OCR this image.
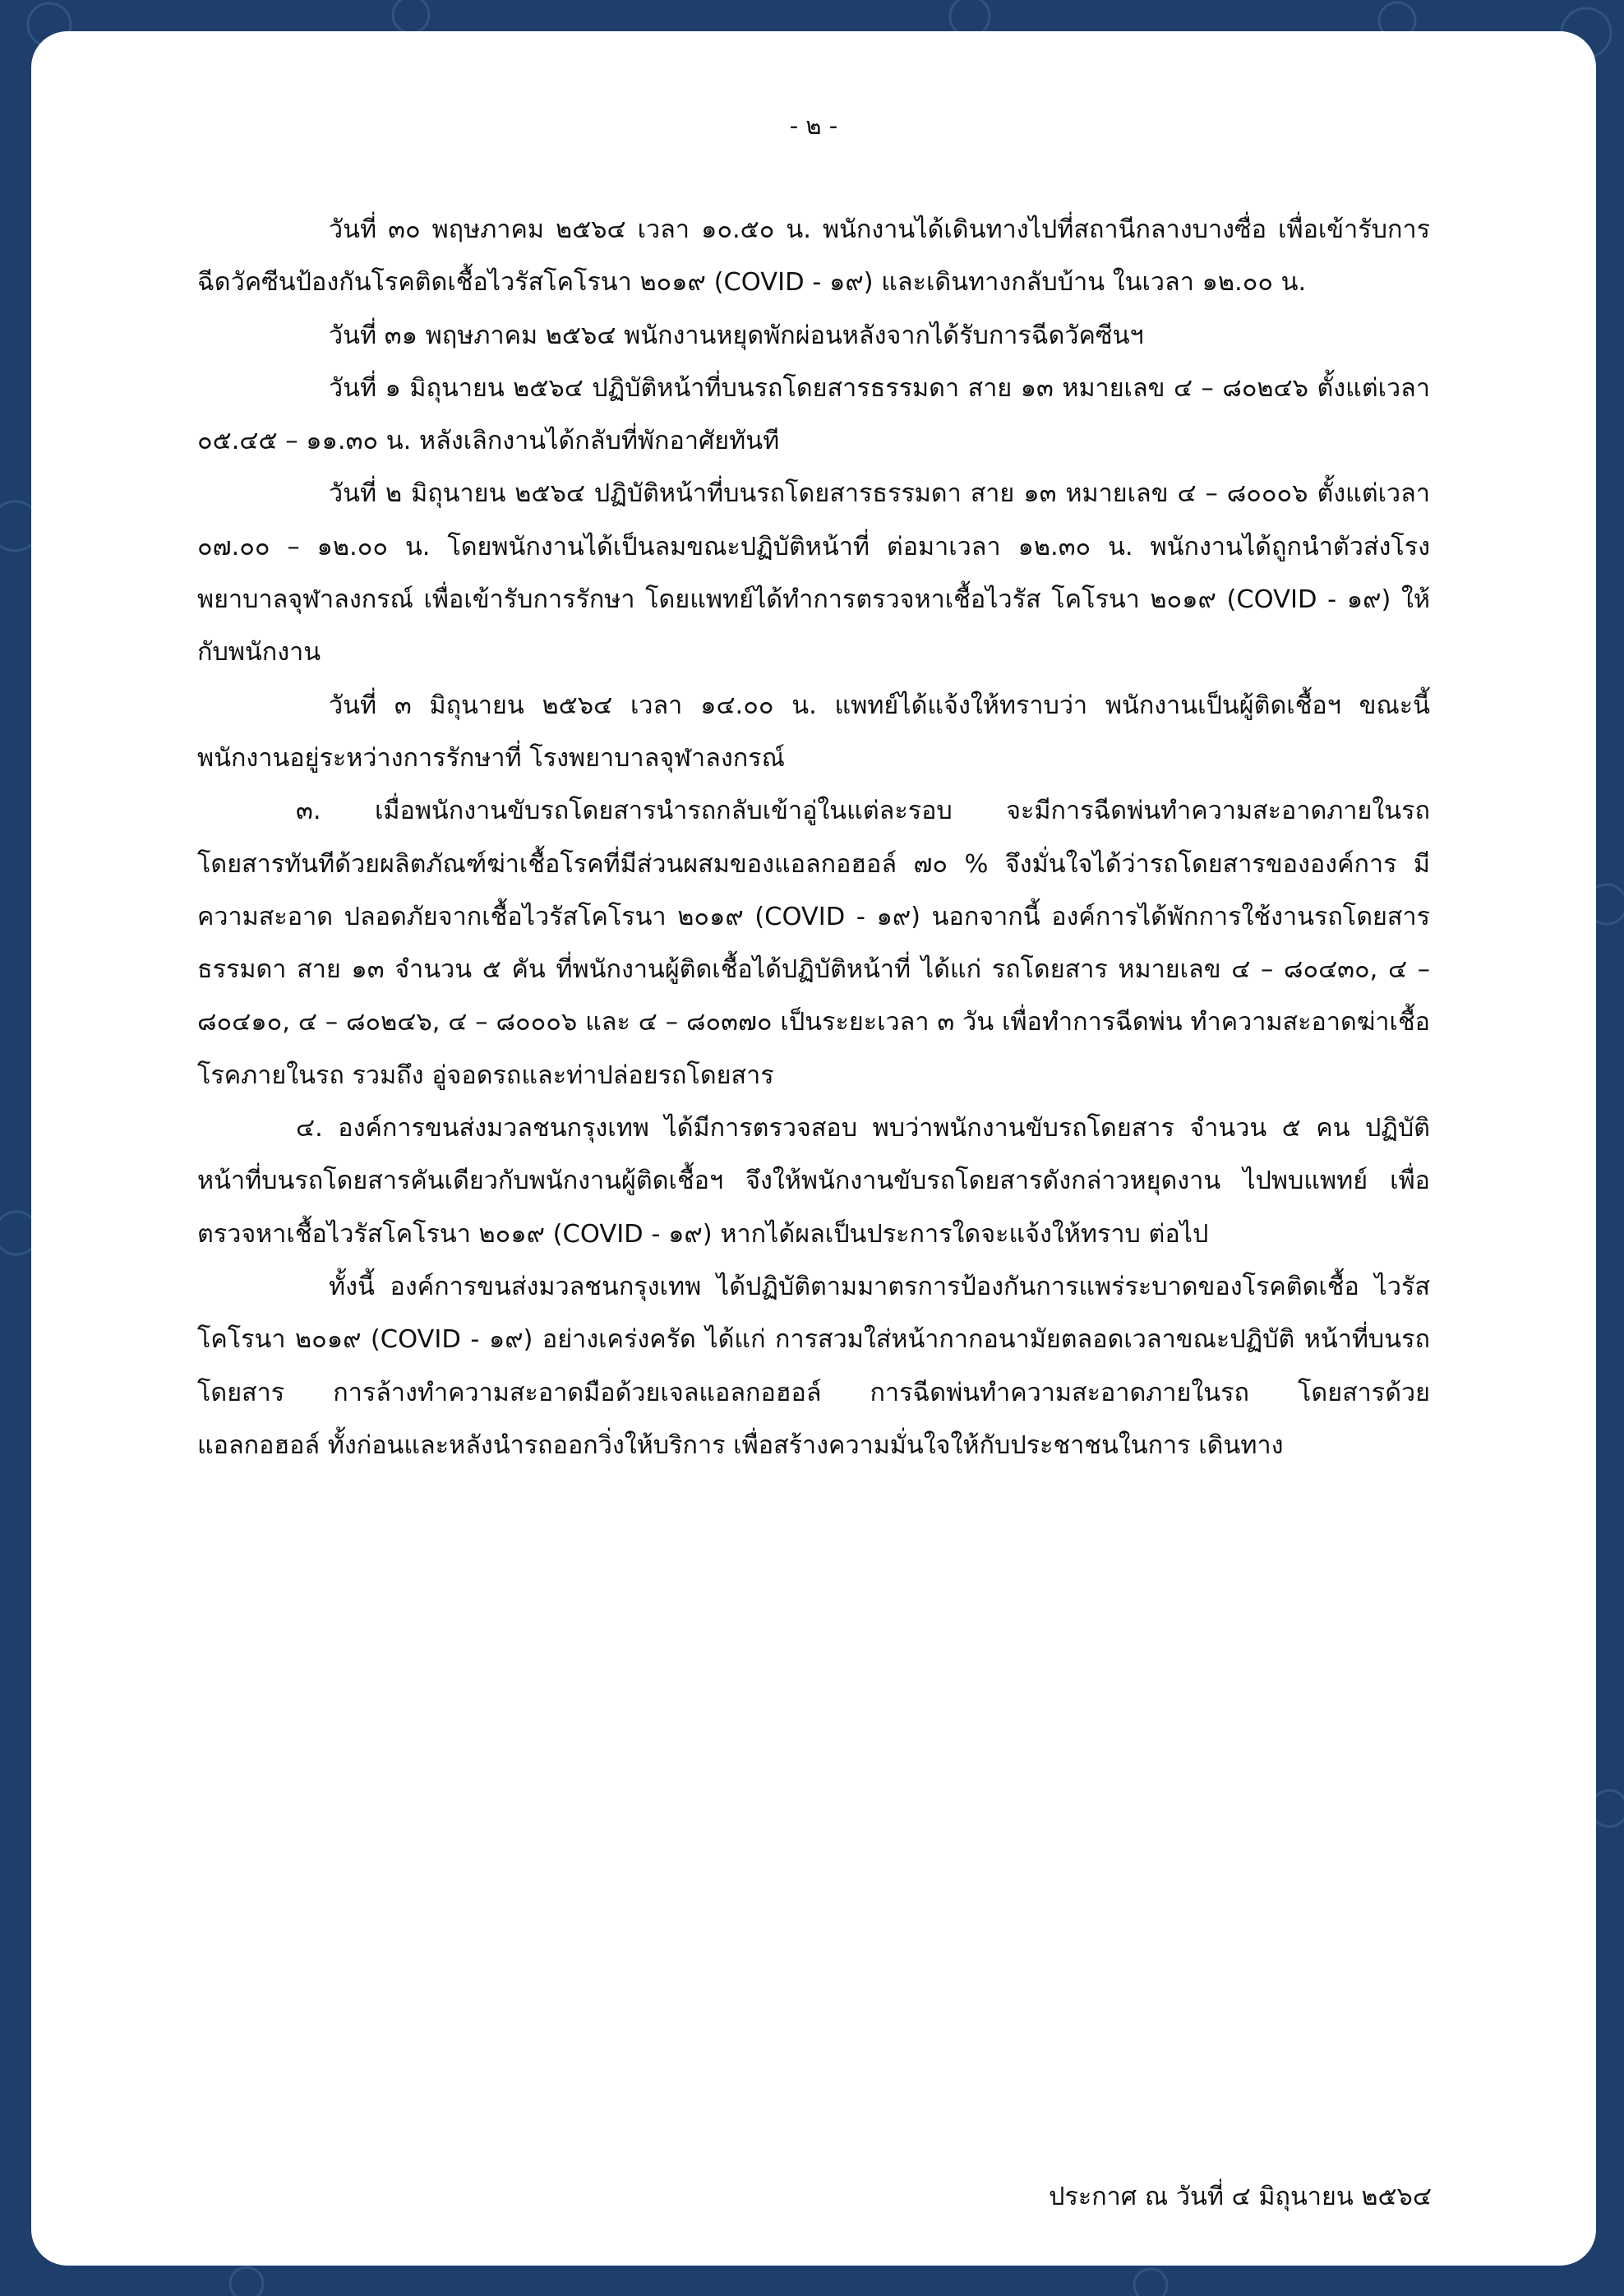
- ๒ -

วันที่ ๓๐ พฤษภาคม ๒๕๖๔ เวลา ๑๐.๕๐ น. พนักงานได้เดินทางไปที่สถานีกลางบางซื่อ เพื่อเข้ารับการฉีดวัคซีนป้องกันโรคติดเชื้อไวรัสโคโรนา ๒๐๑๙ (COVID - ๑๙) และเดินทางกลับบ้าน ในเวลา ๑๒.๐๐ น.

วันที่ ๓๑ พฤษภาคม ๒๕๖๔ พนักงานหยุดพักผ่อนหลังจากได้รับการฉีดวัคซีนฯ

วันที่ ๑ มิถุนายน ๒๕๖๔ ปฏิบัติหน้าที่บนรถโดยสารธรรมดา สาย ๑๓ หมายเลข ๔ – ๘๐๒๔๖ ตั้งแต่เวลา ๐๕.๔๕ – ๑๑.๓๐ น. หลังเลิกงานได้กลับที่พักอาศัยทันที

วันที่ ๒ มิถุนายน ๒๕๖๔ ปฏิบัติหน้าที่บนรถโดยสารธรรมดา สาย ๑๓ หมายเลข ๔ – ๘๐๐๐๖ ตั้งแต่เวลา ๐๗.๐๐ – ๑๒.๐๐ น. โดยพนักงานได้เป็นลมขณะปฏิบัติหน้าที่ ต่อมาเวลา ๑๒.๓๐ น. พนักงานได้ถูกนำตัวส่งโรงพยาบาลจุฬาลงกรณ์ เพื่อเข้ารับการรักษา โดยแพทย์ได้ทำการตรวจหาเชื้อไวรัส โคโรนา ๒๐๑๙ (COVID - ๑๙) ให้กับพนักงาน

วันที่ ๓ มิถุนายน ๒๕๖๔ เวลา ๑๔.๐๐ น. แพทย์ได้แจ้งให้ทราบว่า พนักงานเป็นผู้ติดเชื้อฯ ขณะนี้พนักงานอยู่ระหว่างการรักษาที่ โรงพยาบาลจุฬาลงกรณ์

๓. เมื่อพนักงานขับรถโดยสารนำรถกลับเข้าอู่ในแต่ละรอบ จะมีการฉีดพ่นทำความสะอาดภายในรถ โดยสารทันทีด้วยผลิตภัณฑ์ฆ่าเชื้อโรคที่มีส่วนผสมของแอลกอฮอล์ ๗๐ % จึงมั่นใจได้ว่ารถโดยสารขององค์การ มีความสะอาด ปลอดภัยจากเชื้อไวรัสโคโรนา ๒๐๑๙ (COVID - ๑๙) นอกจากนี้ องค์การได้พักการใช้งานรถโดยสาร ธรรมดา สาย ๑๓ จำนวน ๕ คัน ที่พนักงานผู้ติดเชื้อได้ปฏิบัติหน้าที่ ได้แก่ รถโดยสาร หมายเลข ๔ – ๘๐๔๓๐, ๔ – ๘๐๔๑๐, ๔ – ๘๐๒๔๖, ๔ – ๘๐๐๐๖ และ ๔ – ๘๐๓๗๐ เป็นระยะเวลา ๓ วัน เพื่อทำการฉีดพ่น ทำความสะอาดฆ่าเชื้อโรคภายในรถ รวมถึง อู่จอดรถและท่าปล่อยรถโดยสาร

๔. องค์การขนส่งมวลชนกรุงเทพ ได้มีการตรวจสอบ พบว่าพนักงานขับรถโดยสาร จำนวน ๕ คน ปฏิบัติหน้าที่บนรถโดยสารคันเดียวกับพนักงานผู้ติดเชื้อฯ จึงให้พนักงานขับรถโดยสารดังกล่าวหยุดงาน ไปพบแพทย์ เพื่อตรวจหาเชื้อไวรัสโคโรนา ๒๐๑๙ (COVID - ๑๙) หากได้ผลเป็นประการใดจะแจ้งให้ทราบ ต่อไป

ทั้งนี้ องค์การขนส่งมวลชนกรุงเทพ ได้ปฏิบัติตามมาตรการป้องกันการแพร่ระบาดของโรคติดเชื้อ ไวรัสโคโรนา ๒๐๑๙ (COVID - ๑๙) อย่างเคร่งครัด ได้แก่ การสวมใส่หน้ากากอนามัยตลอดเวลาขณะปฏิบัติ หน้าที่บนรถโดยสาร การล้างทำความสะอาดมือด้วยเจลแอลกอฮอล์ การฉีดพ่นทำความสะอาดภายในรถ โดยสารด้วยแอลกอฮอล์ ทั้งก่อนและหลังนำรถออกวิ่งให้บริการ เพื่อสร้างความมั่นใจให้กับประชาชนในการ เดินทาง

ประกาศ ณ วันที่ ๔ มิถุนายน ๒๕๖๔
